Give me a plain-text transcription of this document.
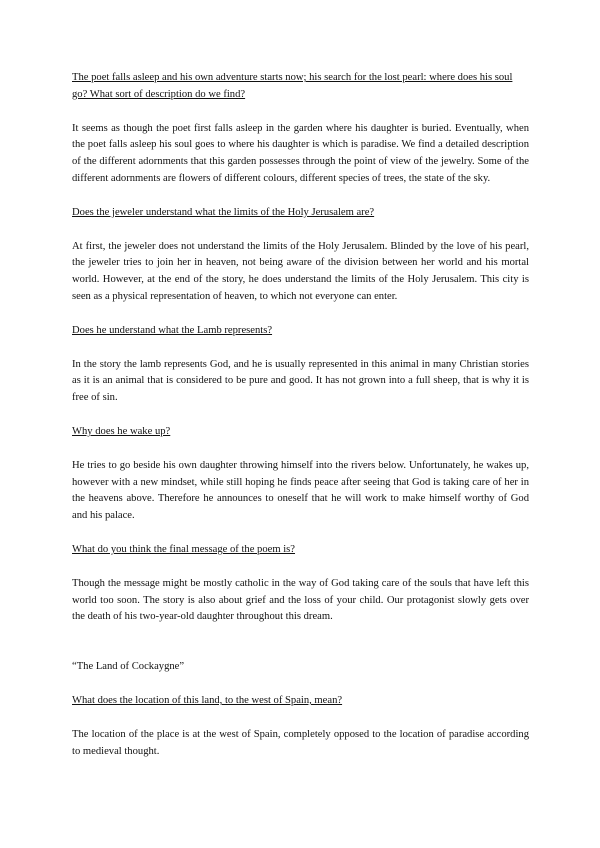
The poet falls asleep and his own adventure starts now; his search for the lost pearl: where does his soul go? What sort of description do we find?

It seems as though the poet first falls asleep in the garden where his daughter is buried. Eventually, when the poet falls asleep his soul goes to where his daughter is which is paradise. We find a detailed description of the different adornments that this garden possesses through the point of view of the jewelry. Some of the different adornments are flowers of different colours, different species of trees, the state of the sky.

Does the jeweler understand what the limits of the Holy Jerusalem are?

At first, the jeweler does not understand the limits of the Holy Jerusalem. Blinded by the love of his pearl, the jeweler tries to join her in heaven, not being aware of the division between her world and his mortal world. However, at the end of the story, he does understand the limits of the Holy Jerusalem. This city is seen as a physical representation of heaven, to which not everyone can enter.

Does he understand what the Lamb represents?

In the story the lamb represents God, and he is usually represented in this animal in many Christian stories as it is an animal that is considered to be pure and good. It has not grown into a full sheep, that is why it is free of sin.

Why does he wake up?

He tries to go beside his own daughter throwing himself into the rivers below. Unfortunately, he wakes up, however with a new mindset, while still hoping he finds peace after seeing that God is taking care of her in the heavens above. Therefore he announces to oneself that he will work to make himself worthy of God and his palace.

What do you think the final message of the poem is?

Though the message might be mostly catholic in the way of God taking care of the souls that have left this world too soon. The story is also about grief and the loss of your child. Our protagonist slowly gets over the death of his two-year-old daughter throughout this dream.

“The Land of Cockaygne”

What does the location of this land, to the west of Spain, mean?

The location of the place is at the west of Spain, completely opposed to the location of paradise according to medieval thought.
